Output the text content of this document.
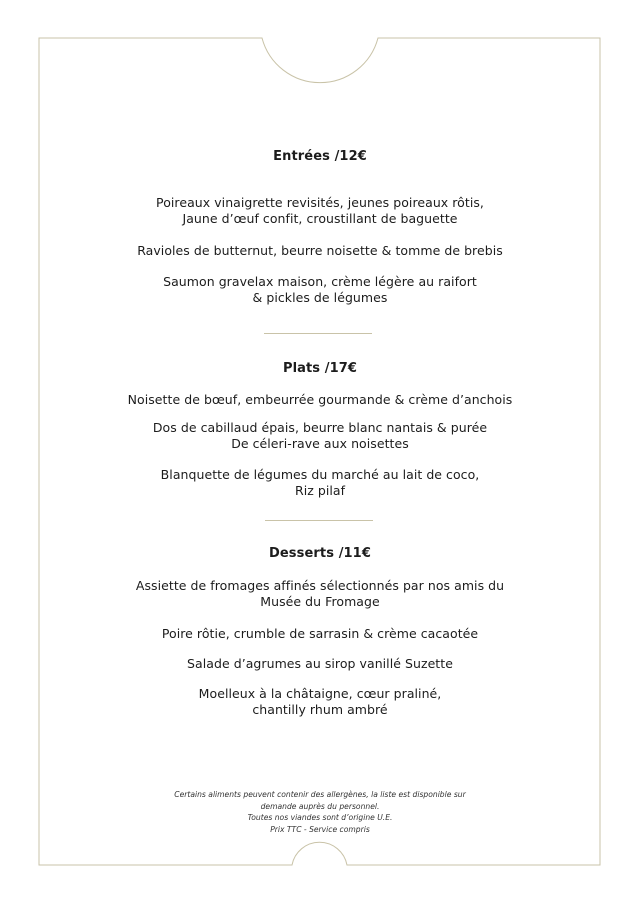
Entrées /12€
Poireaux vinaigrette revisités, jeunes poireaux rôtis,
Jaune d’œuf confit, croustillant de baguette
Ravioles de butternut, beurre noisette & tomme de brebis
Saumon gravelax maison, crème légère au raifort
& pickles de légumes
Plats /17€
Noisette de bœuf, embeurrée gourmande & crème d’anchois
Dos de cabillaud épais, beurre blanc nantais & purée
De céleri-rave aux noisettes
Blanquette de légumes du marché au lait de coco,
Riz pilaf
Desserts /11€
Assiette de fromages affinés sélectionnés par nos amis du
Musée du Fromage
Poire rôtie, crumble de sarrasin & crème cacaotée
Salade d’agrumes au sirop vanillé Suzette
Moelleux à la châtaigne, cœur praliné,
chantilly rhum ambré
Certains aliments peuvent contenir des allergènes, la liste est disponible sur
demande auprès du personnel.
Toutes nos viandes sont d’origine U.E.
Prix TTC - Service compris
